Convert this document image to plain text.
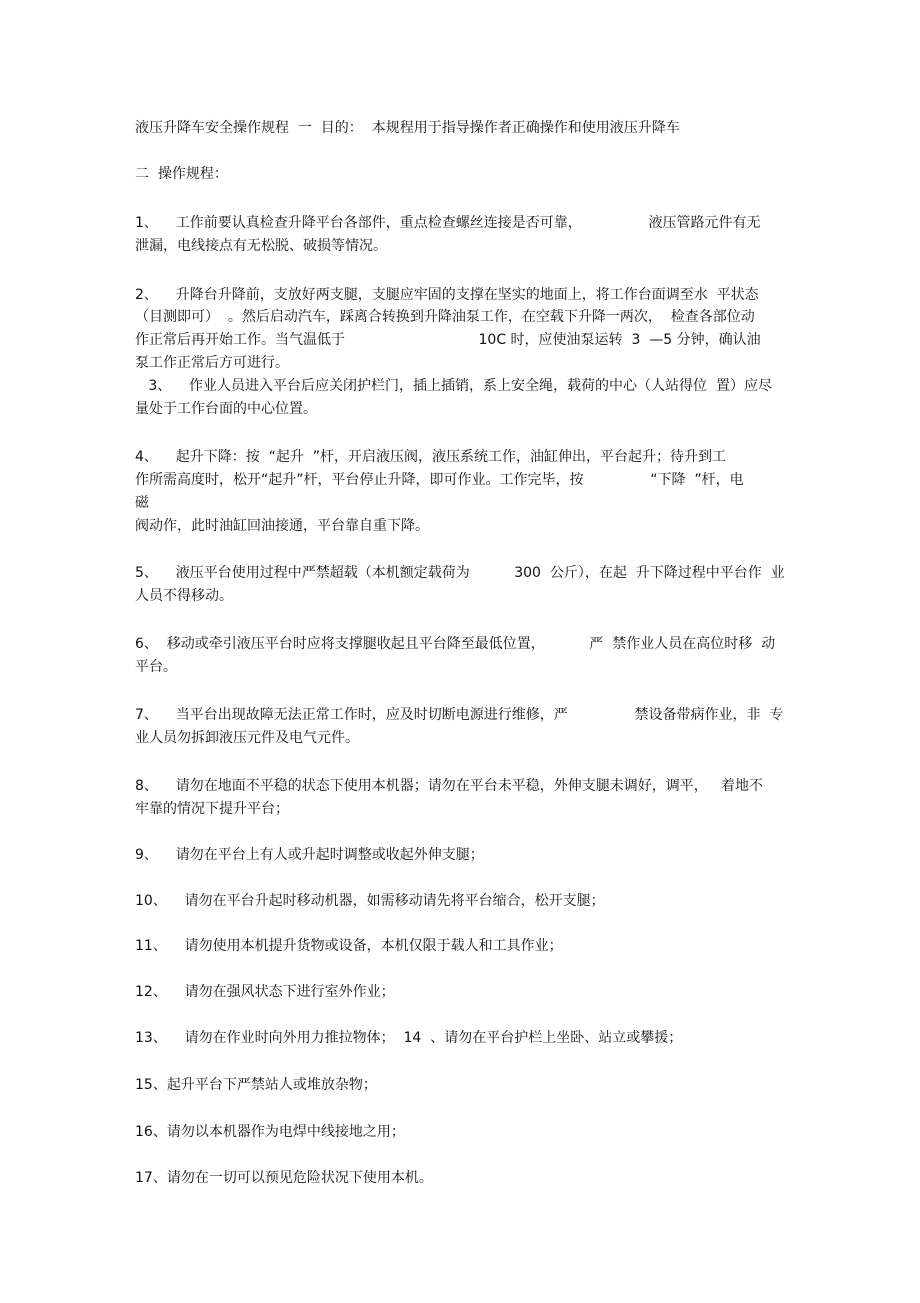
液压升降车安全操作规程  一  目的：  本规程用于指导操作者正确操作和使用液压升降车
二  操作规程：
1、    工作前要认真检查升降平台各部件，重点检查螺丝连接是否可靠，               液压管路元件有无
泄漏，电线接点有无松脱、破损等情况。
2、    升降台升降前，支放好两支腿，支腿应牢固的支撑在坚实的地面上，将工作台面调至水  平状态
（目测即可）  。然后启动汽车，踩离合转换到升降油泵工作，在空载下升降一两次，  检查各部位动
作正常后再开始工作。当气温低于                              10C 时，应使油泵运转  3  —5 分钟，确认油
泵工作正常后方可进行。
3、    作业人员进入平台后应关闭护栏门，插上插销，系上安全绳，载荷的中心（人站得位  置）应尽
量处于工作台面的中心位置。
4、    起升下降：按  “起升  ”杆，开启液压阀，液压系统工作，油缸伸出，平台起升；待升到工
作所需高度时，松开“起升”杆，平台停止升降，即可作业。工作完毕，按               “下降  ”杆，电
磁
阀动作，此时油缸回油接通，平台靠自重下降。
5、    液压平台使用过程中严禁超载（本机额定载荷为          300  公斤），在起  升下降过程中平台作  业
人员不得移动。
6、  移动或牵引液压平台时应将支撑腿收起且平台降至最低位置，          严  禁作业人员在高位时移  动
平台。
7、    当平台出现故障无法正常工作时，应及时切断电源进行维修，严               禁设备带病作业，非  专
业人员勿拆卸液压元件及电气元件。
8、    请勿在地面不平稳的状态下使用本机器；请勿在平台未平稳，外伸支腿未调好，调平，   着地不
牢靠的情况下提升平台；
9、    请勿在平台上有人或升起时调整或收起外伸支腿；
10、    请勿在平台升起时移动机器，如需移动请先将平台缩合，松开支腿；
11、    请勿使用本机提升货物或设备，本机仅限于载人和工具作业；
12、    请勿在强风状态下进行室外作业；
13、    请勿在作业时向外用力推拉物体；  14  、请勿在平台护栏上坐卧、站立或攀援；
15、起升平台下严禁站人或堆放杂物；
16、请勿以本机器作为电焊中线接地之用；
17、请勿在一切可以预见危险状况下使用本机。
